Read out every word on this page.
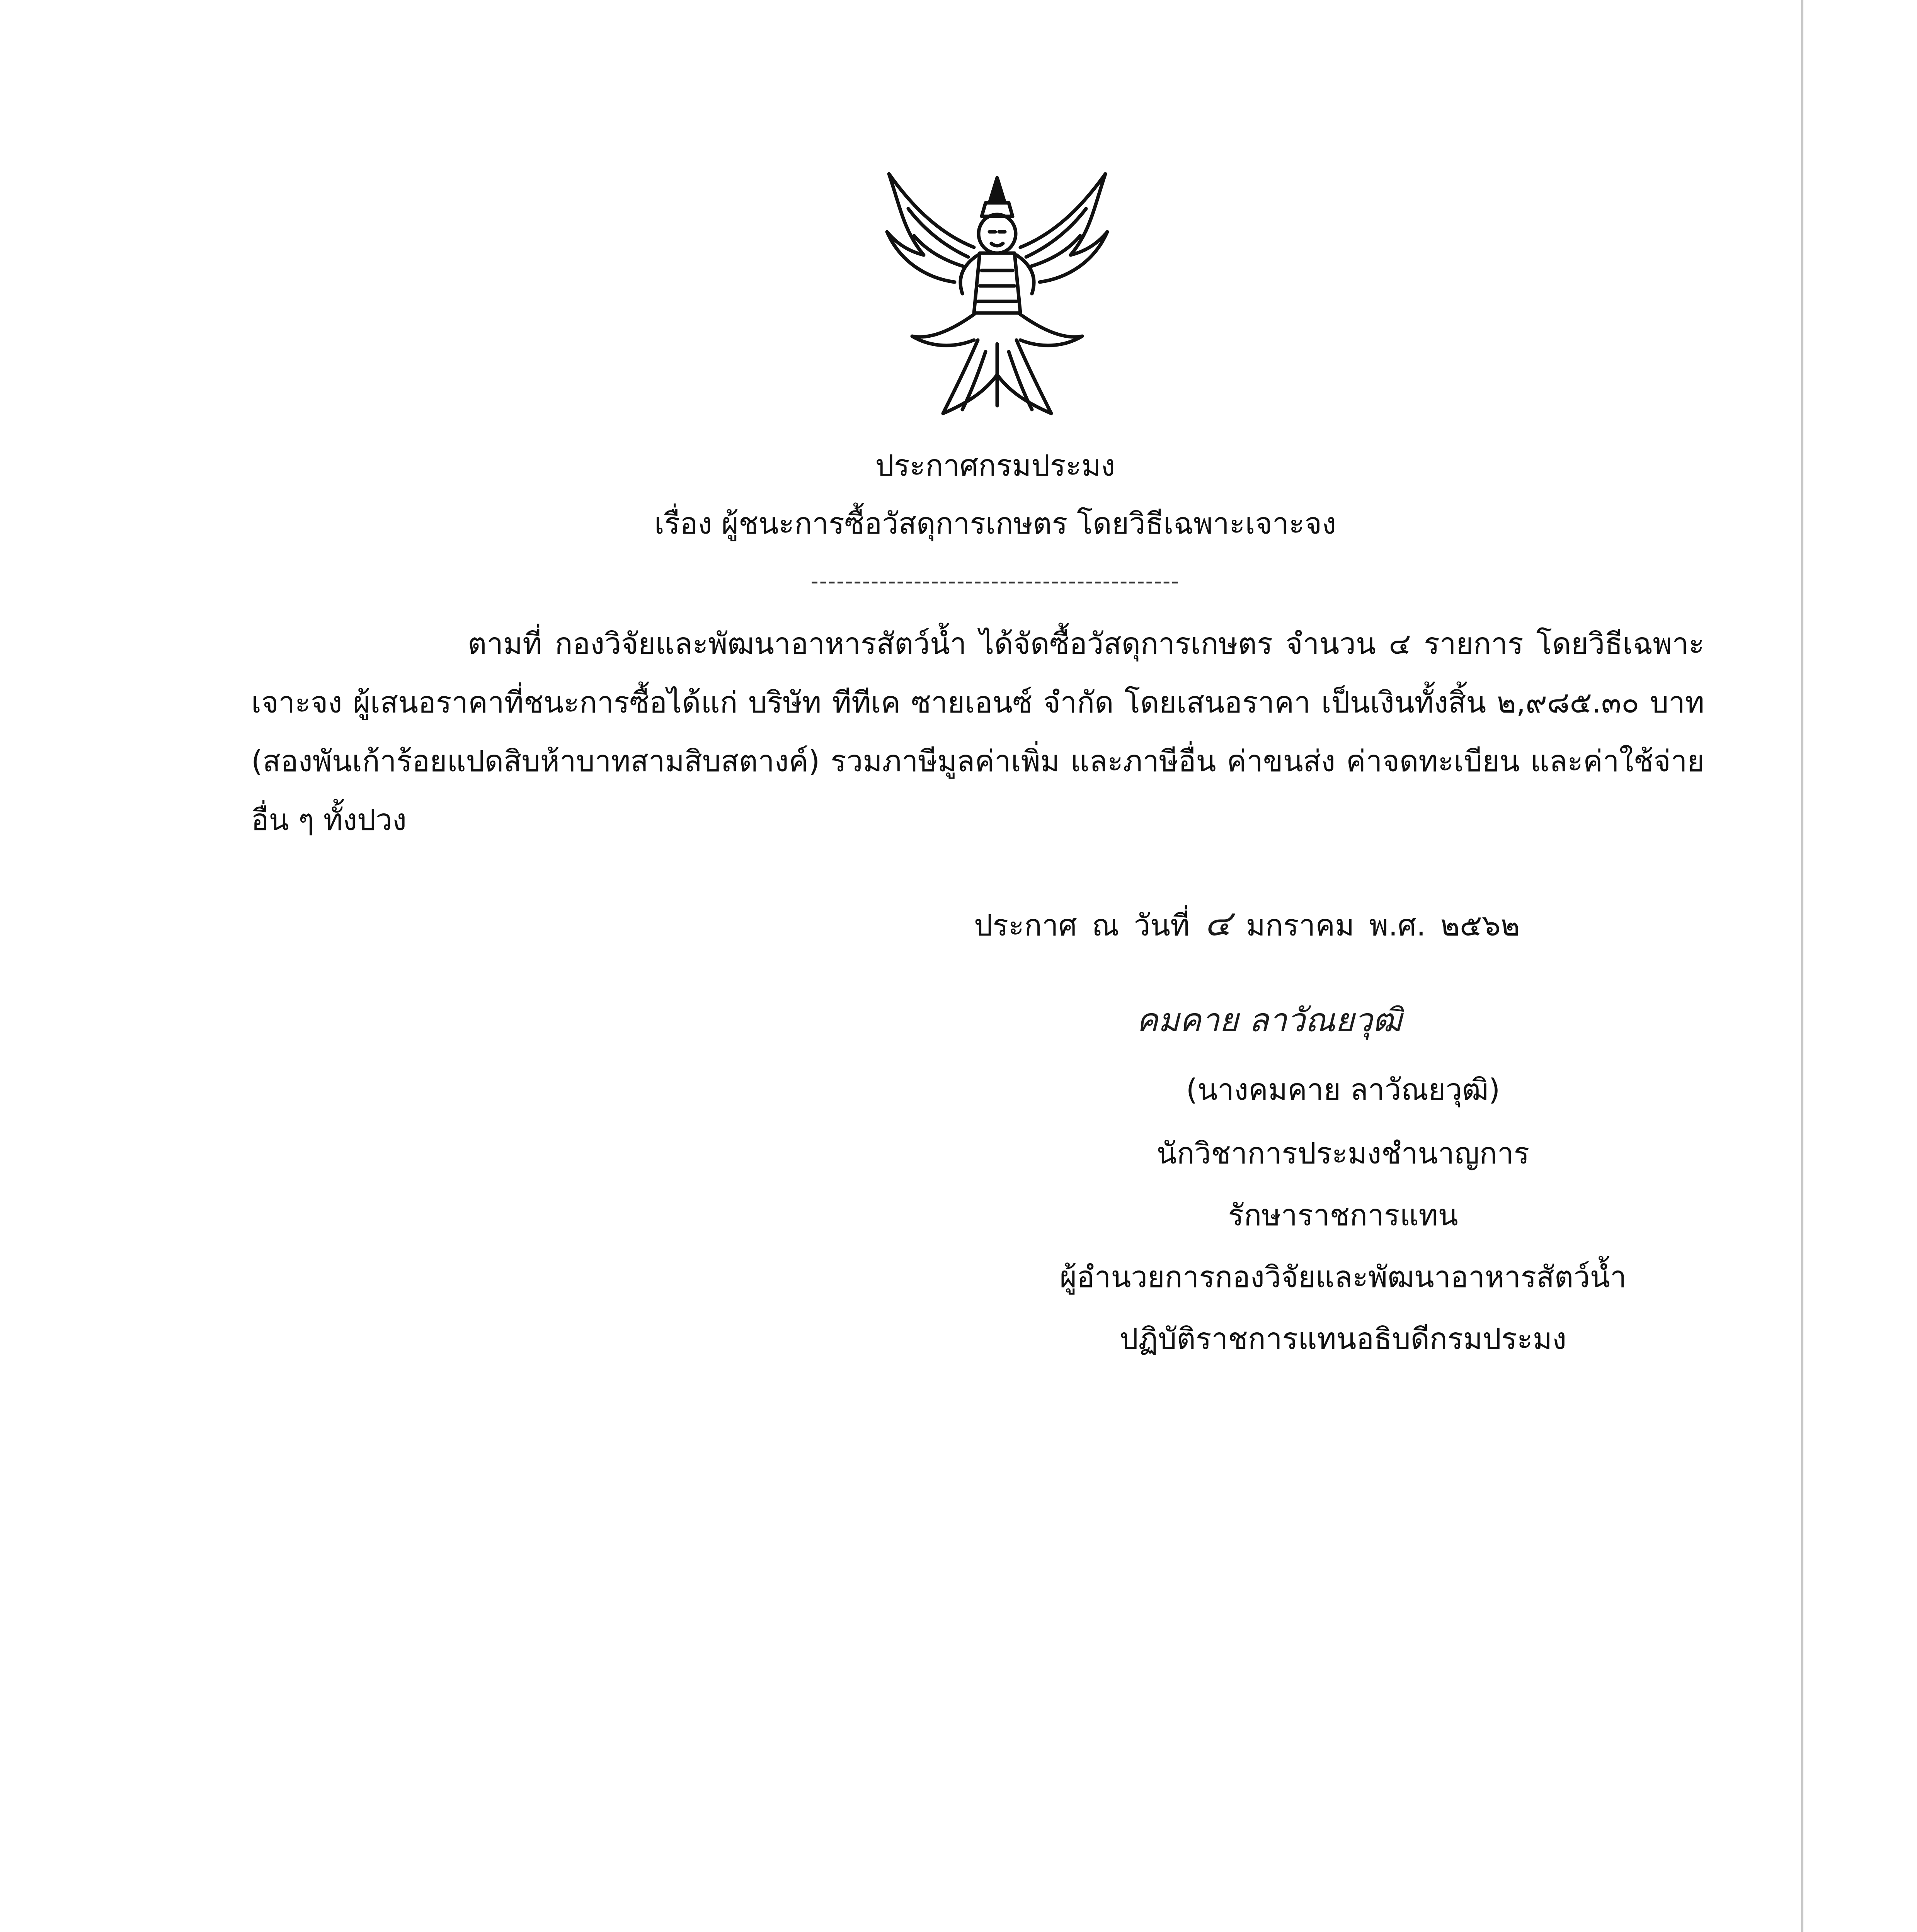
ประกาศกรมประมง
เรื่อง ผู้ชนะการซื้อวัสดุการเกษตร โดยวิธีเฉพาะเจาะจง
-------------------------------------------
ตามที่ กองวิจัยและพัฒนาอาหารสัตว์น้ำ ได้จัดซื้อวัสดุการเกษตร จำนวน ๔ รายการ โดยวิธีเฉพาะเจาะจง ผู้เสนอราคาที่ชนะการซื้อได้แก่ บริษัท ทีทีเค ซายเอนซ์ จำกัด โดยเสนอราคา เป็นเงินทั้งสิ้น ๒,๙๘๕.๓๐ บาท (สองพันเก้าร้อยแปดสิบห้าบาทสามสิบสตางค์) รวมภาษีมูลค่าเพิ่ม และภาษีอื่น ค่าขนส่ง ค่าจดทะเบียน และค่าใช้จ่ายอื่น ๆ ทั้งปวง
ประกาศ ณ วันที่ ๔ มกราคม พ.ศ. ๒๕๖๒
คมคาย ลาวัณยวุฒิ
(นางคมคาย ลาวัณยวุฒิ)
นักวิชาการประมงชำนาญการ
รักษาราชการแทน
ผู้อำนวยการกองวิจัยและพัฒนาอาหารสัตว์น้ำ
ปฏิบัติราชการแทนอธิบดีกรมประมง
